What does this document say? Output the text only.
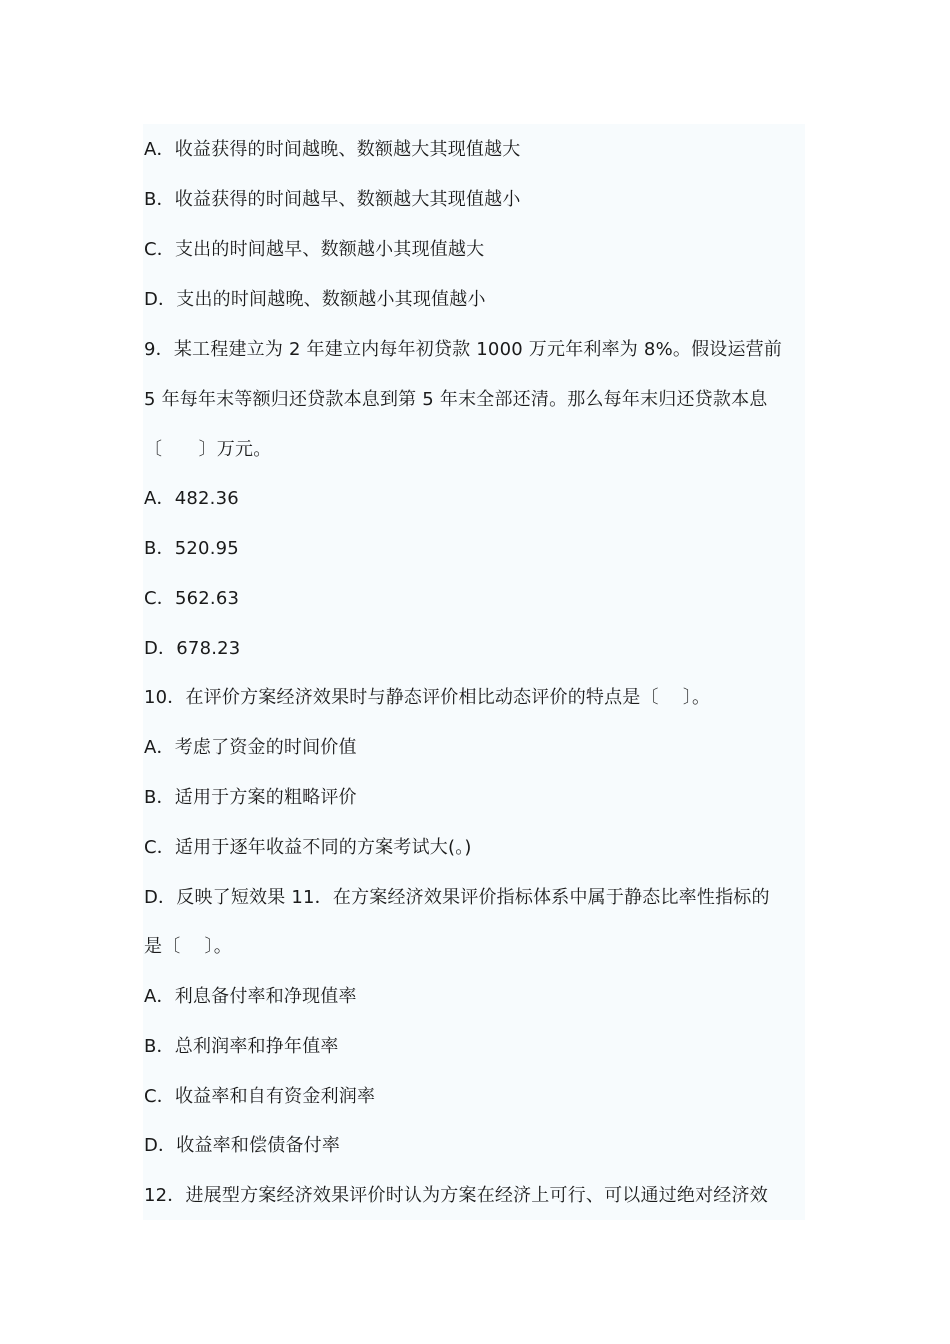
A．收益获得的时间越晚、数额越大其现值越大
B．收益获得的时间越早、数额越大其现值越小
C．支出的时间越早、数额越小其现值越大
D．支出的时间越晚、数额越小其现值越小
9．某工程建立为 2 年建立内每年初贷款 1000 万元年利率为 8%。假设运营前
5 年每年末等额归还贷款本息到第 5 年末全部还清。那么每年末归还贷款本息
〔　　〕万元。
A．482.36
B．520.95
C．562.63
D．678.23
10．在评价方案经济效果时与静态评价相比动态评价的特点是〔　 〕。
A．考虑了资金的时间价值
B．适用于方案的粗略评价
C．适用于逐年收益不同的方案考试大(。)
D．反映了短效果 11．在方案经济效果评价指标体系中属于静态比率性指标的
是〔　 〕。
A．利息备付率和净现值率
B．总利润率和挣年值率
C．收益率和自有资金利润率
D．收益率和偿债备付率
12．进展型方案经济效果评价时认为方案在经济上可行、可以通过绝对经济效
